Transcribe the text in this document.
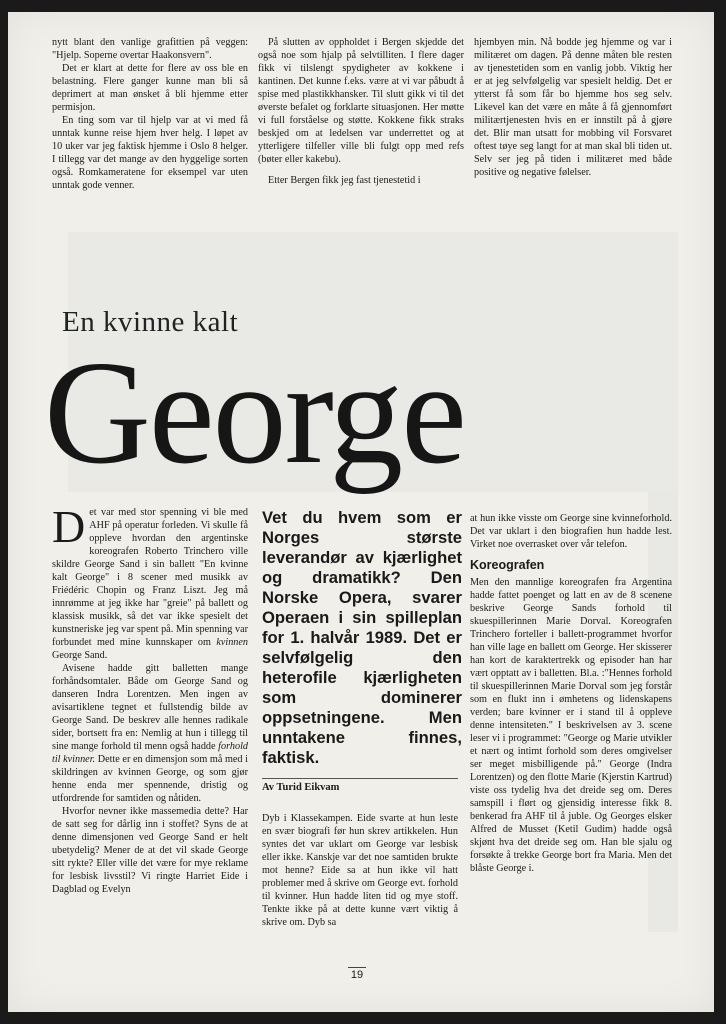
nytt blant den vanlige grafittien på veggen: "Hjelp. Soperne overtar Haakonsvern".

Det er klart at dette for flere av oss ble en belastning. Flere ganger kunne man bli så deprimert at man ønsket å bli hjemme etter permisjon.

En ting som var til hjelp var at vi med få unntak kunne reise hjem hver helg. I løpet av 10 uker var jeg faktisk hjemme i Oslo 8 helger. I tillegg var det mange av den hyggelige sorten også. Romkameratene for eksempel var uten unntak gode venner.

På slutten av oppholdet i Bergen skjedde det også noe som hjalp på selvtilliten. I flere dager fikk vi tilslengt spydigheter av kokkene i kantinen. Det kunne f.eks. være at vi var påbudt å spise med plastikkhansker. Til slutt gikk vi til det øverste befalet og forklarte situasjonen. Her møtte vi full forståelse og støtte. Kokkene fikk straks beskjed om at ledelsen var underrettet og at ytterligere tilfeller ville bli fulgt opp med refs (bøter eller kakebu).

Etter Bergen fikk jeg fast tjenestetid i

hjembyen min. Nå bodde jeg hjemme og var i militæret om dagen. På denne måten ble resten av tjenestetiden som en vanlig jobb. Viktig her er at jeg selvfølgelig var spesielt heldig. Det er ytterst få som får bo hjemme hos seg selv. Likevel kan det være en måte å få gjennomført militærtjenesten hvis en er innstilt på å gjøre det. Blir man utsatt for mobbing vil Forsvaret oftest tøye seg langt for at man skal bli tiden ut. Selv ser jeg på tiden i militæret med både positive og negative følelser.

En kvinne kalt
George

Det var med stor spenning vi ble med AHF på operatur forleden. Vi skulle få oppleve hvordan den argentinske koreografen Roberto Trinchero ville skildre George Sand i sin ballett "En kvinne kalt George" i 8 scener med musikk av Friédéric Chopin og Franz Liszt. Jeg må innrømme at jeg ikke har "greie" på ballett og klassisk musikk, så det var ikke spesielt det kunstneriske jeg var spent på. Min spenning var forbundet med mine kunnskaper om kvinnen George Sand.

Avisene hadde gitt balletten mange forhåndsomtaler. Både om George Sand og danseren Indra Lorentzen. Men ingen av avisartiklene tegnet et fullstendig bilde av George Sand. De beskrev alle hennes radikale sider, bortsett fra en: Nemlig at hun i tillegg til sine mange forhold til menn også hadde forhold til kvinner. Dette er en dimensjon som må med i skildringen av kvinnen George, og som gjør henne enda mer spennende, dristig og utfordrende for samtiden og nåtiden.

Hvorfor nevner ikke massemedia dette? Har de satt seg for dårlig inn i stoffet? Syns de at denne dimensjonen ved George Sand er helt ubetydelig? Mener de at det vil skade George sitt rykte? Eller ville det være for mye reklame for lesbisk livsstil? Vi ringte Harriet Eide i Dagblad og Evelyn

Vet du hvem som er Norges største leverandør av kjærlighet og dramatikk? Den Norske Opera, svarer Operaen i sin spilleplan for 1. halvår 1989. Det er selvfølgelig den heterofile kjærligheten som dominerer oppsetningene. Men unntakene finnes, faktisk.
Av Turid Eikvam

Dyb i Klassekampen. Eide svarte at hun leste en svær biografi før hun skrev artikkelen. Hun syntes det var uklart om George var lesbisk eller ikke. Kanskje var det noe samtiden brukte mot henne? Eide sa at hun ikke vil hatt problemer med å skrive om George evt. forhold til kvinner. Hun hadde liten tid og mye stoff. Tenkte ikke på at dette kunne vært viktig å skrive om. Dyb sa

at hun ikke visste om George sine kvinneforhold. Det var uklart i den biografien hun hadde lest. Virket noe overrasket over vår telefon.

Koreografen

Men den mannlige koreografen fra Argentina hadde fattet poenget og latt en av de 8 scenene beskrive George Sands forhold til skuespillerinnen Marie Dorval. Koreografen Trinchero forteller i ballett-programmet hvorfor han ville lage en ballett om George. Her skisserer han kort de karaktertrekk og episoder han har vært opptatt av i balletten. Bl.a. :"Hennes forhold til skuespillerinnen Marie Dorval som jeg forstår som en flukt inn i ømhetens og lidenskapens verden; bare kvinner er i stand til å oppleve denne intensiteten." I beskrivelsen av 3. scene leser vi i programmet: "George og Marie utvikler et nært og intimt forhold som deres omgivelser ser meget misbilligende på." George (Indra Lorentzen) og den flotte Marie (Kjerstin Kartrud) viste oss tydelig hva det dreide seg om. Deres samspill i flørt og gjensidig interesse fikk 8. benkerad fra AHF til å juble. Og Georges elsker Alfred de Musset (Ketil Gudim) hadde også skjønt hva det dreide seg om. Han ble sjalu og forsøkte å trekke George bort fra Maria. Men det blåste George i.

19
